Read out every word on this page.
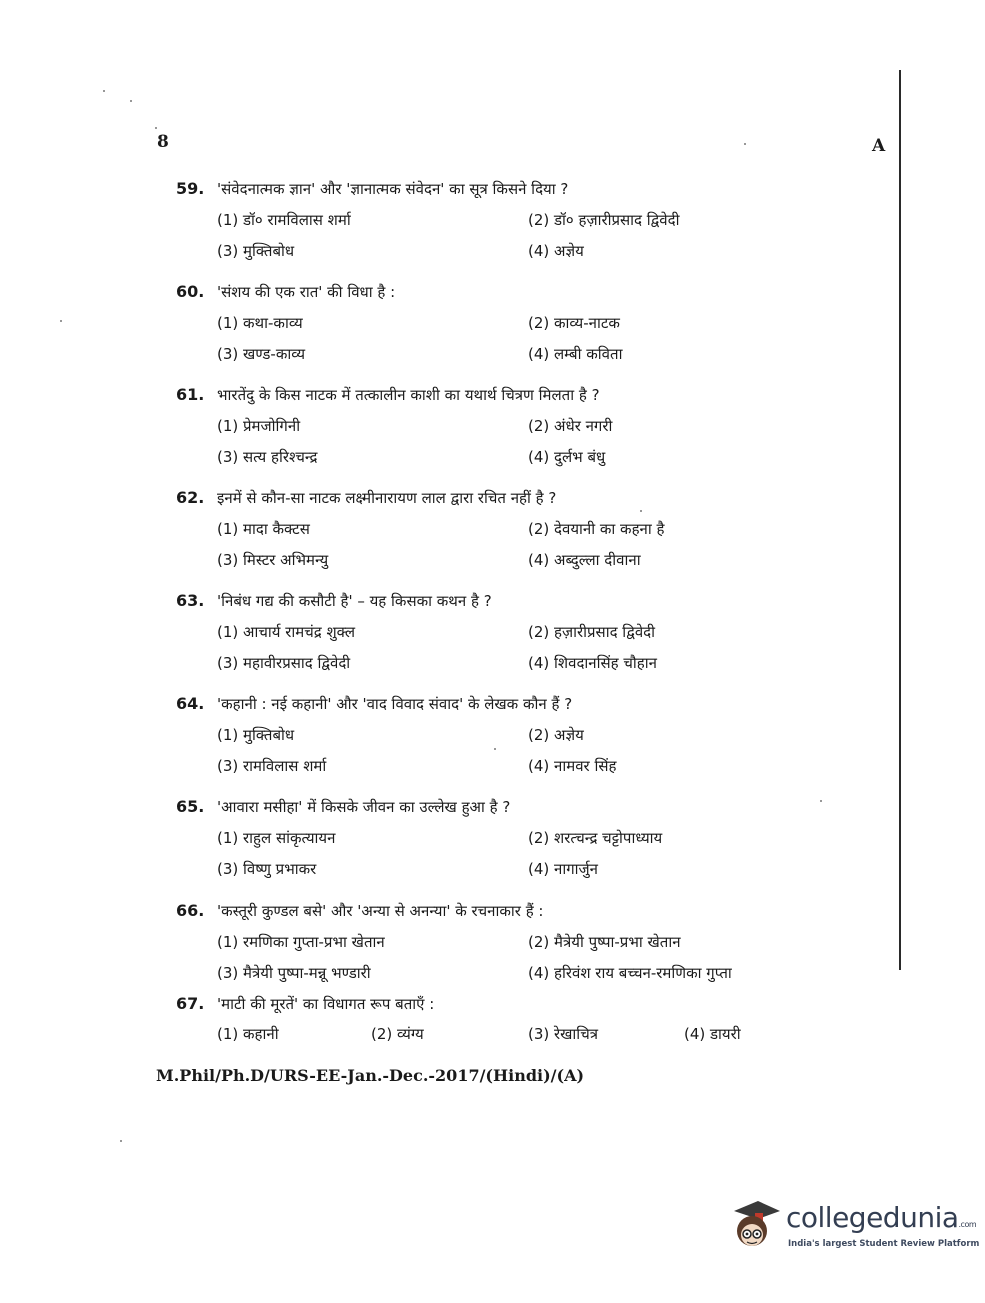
8	A
59. 'संवेदनात्मक ज्ञान' और 'ज्ञानात्मक संवेदन' का सूत्र किसने दिया ?
(1) डॉ० रामविलास शर्मा	(2) डॉ० हज़ारीप्रसाद द्विवेदी
(3) मुक्तिबोध	(4) अज्ञेय
60. 'संशय की एक रात' की विधा है :
(1) कथा-काव्य	(2) काव्य-नाटक
(3) खण्ड-काव्य	(4) लम्बी कविता
61. भारतेंदु के किस नाटक में तत्कालीन काशी का यथार्थ चित्रण मिलता है ?
(1) प्रेमजोगिनी	(2) अंधेर नगरी
(3) सत्य हरिश्चन्द्र	(4) दुर्लभ बंधु
62. इनमें से कौन-सा नाटक लक्ष्मीनारायण लाल द्वारा रचित नहीं है ?
(1) मादा कैक्टस	(2) देवयानी का कहना है
(3) मिस्टर अभिमन्यु	(4) अब्दुल्ला दीवाना
63. 'निबंध गद्य की कसौटी है' – यह किसका कथन है ?
(1) आचार्य रामचंद्र शुक्ल	(2) हज़ारीप्रसाद द्विवेदी
(3) महावीरप्रसाद द्विवेदी	(4) शिवदानसिंह चौहान
64. 'कहानी : नई कहानी' और 'वाद विवाद संवाद' के लेखक कौन हैं ?
(1) मुक्तिबोध	(2) अज्ञेय
(3) रामविलास शर्मा	(4) नामवर सिंह
65. 'आवारा मसीहा' में किसके जीवन का उल्लेख हुआ है ?
(1) राहुल सांकृत्यायन	(2) शरत्चन्द्र चट्टोपाध्याय
(3) विष्णु प्रभाकर	(4) नागार्जुन
66. 'कस्तूरी कुण्डल बसे' और 'अन्या से अनन्या' के रचनाकार हैं :
(1) रमणिका गुप्ता-प्रभा खेतान	(2) मैत्रेयी पुष्पा-प्रभा खेतान
(3) मैत्रेयी पुष्पा-मन्नू भण्डारी	(4) हरिवंश राय बच्चन-रमणिका गुप्ता
67. 'माटी की मूरतें' का विधागत रूप बताएँ :
(1) कहानी	(2) व्यंग्य	(3) रेखाचित्र	(4) डायरी
M.Phil/Ph.D/URS-EE-Jan.-Dec.-2017/(Hindi)/(A)
collegedunia.com
India's largest Student Review Platform
